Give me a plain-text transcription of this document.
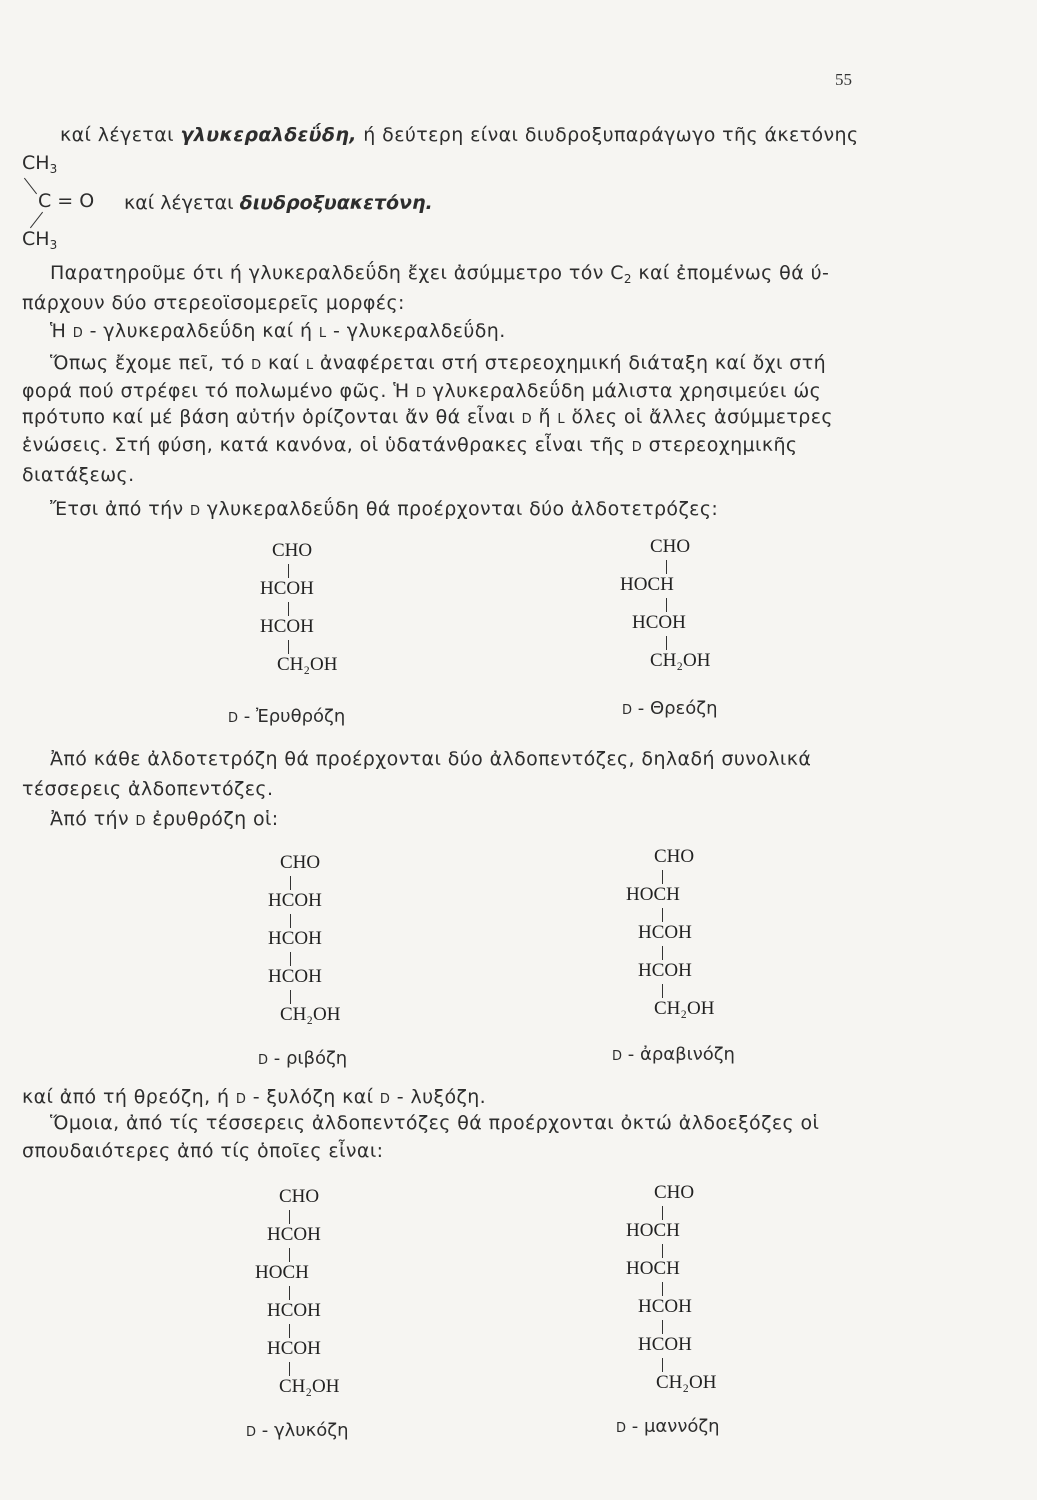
55
καί λέγεται γλυκεραλδεΰδη, ή δεύτερη είναι διυδροξυπαράγωγο τῆς άκετόνης
$CH_3$
C = O καί λέγεται διυδροξυακετόνη.
$CH_3$
Παρατηροῦμε ότι ή γλυκεραλδεΰδη ἔχει ἀσύμμετρο τόν $C_2$ καί ἐπομένως θά ύ-
πάρχουν δύο στερεοϊσομερεῖς μορφές:
Ἡ D - γλυκεραλδεΰδη καί ή L - γλυκεραλδεΰδη.
Ὅπως ἔχομε πεῖ, τό D καί L ἀναφέρεται στή στερεοχημική διάταξη καί ὄχι στή
φορά πού στρέφει τό πολωμένο φῶς. Ἡ D γλυκεραλδεΰδη μάλιστα χρησιμεύει ώς
πρότυπο καί μέ βάση αὐτήν ὁρίζονται ἄν θά εἶναι D ἤ L ὅλες οἱ ἄλλες ἀσύμμετρες
ἑνώσεις. Στή φύση, κατά κανόνα, οἱ ὑδατάνθρακες εἶναι τῆς D στερεοχημικῆς
διατάξεως.
Ἔτσι ἀπό τήν D γλυκεραλδεΰδη θά προέρχονται δύο ἀλδοτετρόζες:
CHO
HCOH
HCOH
CH₂OH
D - Ἐρυθρόζη
CHO
HOCH
HCOH
CH₂OH
D - Θρεόζη
Ἀπό κάθε ἀλδοτετρόζη θά προέρχονται δύο ἀλδοπεντόζες, δηλαδή συνολικά
τέσσερεις ἀλδοπεντόζες.
Ἀπό τήν D ἐρυθρόζη οἱ:
CHO
HCOH
HCOH
HCOH
CH₂OH
D - ριβόζη
CHO
HOCH
HCOH
HCOH
CH₂OH
D - ἀραβινόζη
καί ἀπό τή θρεόζη, ή D - ξυλόζη καί D - λυξόζη.
Ὅμοια, ἀπό τίς τέσσερεις ἀλδοπεντόζες θά προέρχονται ὀκτώ ἀλδοεξόζες οἱ
σπουδαιότερες ἀπό τίς ὁποῖες εἶναι:
CHO
HCOH
HOCH
HCOH
HCOH
CH₂OH
D - γλυκόζη
CHO
HOCH
HOCH
HCOH
HCOH
CH₂OH
D - μαννόζη
